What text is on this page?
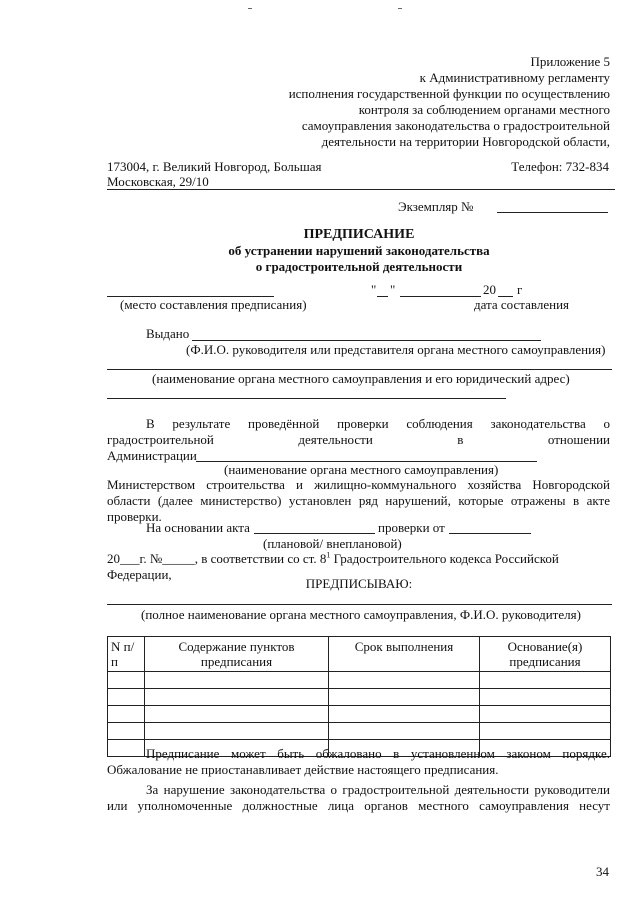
Приложение 5
к Административному регламенту
исполнения государственной функции по осуществлению
контроля за соблюдением органами местного
самоуправления законодательства о градостроительной
деятельности на территории Новгородской области,
173004, г. Великий Новгород, Большая
Московская, 29/10
Телефон: 732-834
Экземпляр №
ПРЕДПИСАНИЕ
об устранении нарушений законодательства
о градостроительной деятельности
" "	20 г
(место составления предписания)	дата составления
Выдано
(Ф.И.О. руководителя или представителя органа местного самоуправления)
(наименование органа местного самоуправления и его юридический адрес)
В результате проведённой проверки соблюдения законодательства о
градостроительной	деятельности	в	отношении
Администрации
(наименование органа местного самоуправления)
Министерством строительства и жилищно-коммунального хозяйства Новгородской
области (далее министерство) установлен ряд нарушений, которые отражены в акте
проверки.
На основании акта	проверки от
(плановой/ внеплановой)
20___г. №_____, в соответствии со ст. $8^1$ Градостроительного кодекса Российской
Федерации,
ПРЕДПИСЫВАЮ:
(полное наименование органа местного самоуправления, Ф.И.О. руководителя)
N п/п	Содержание пунктов предписания	Срок выполнения	Основание(я) предписания

Предписание может быть обжаловано в установленном законом порядке.
Обжалование не приостанавливает действие настоящего предписания.
За нарушение законодательства о градостроительной деятельности руководители
или уполномоченные должностные лица органов местного самоуправления несут
34
